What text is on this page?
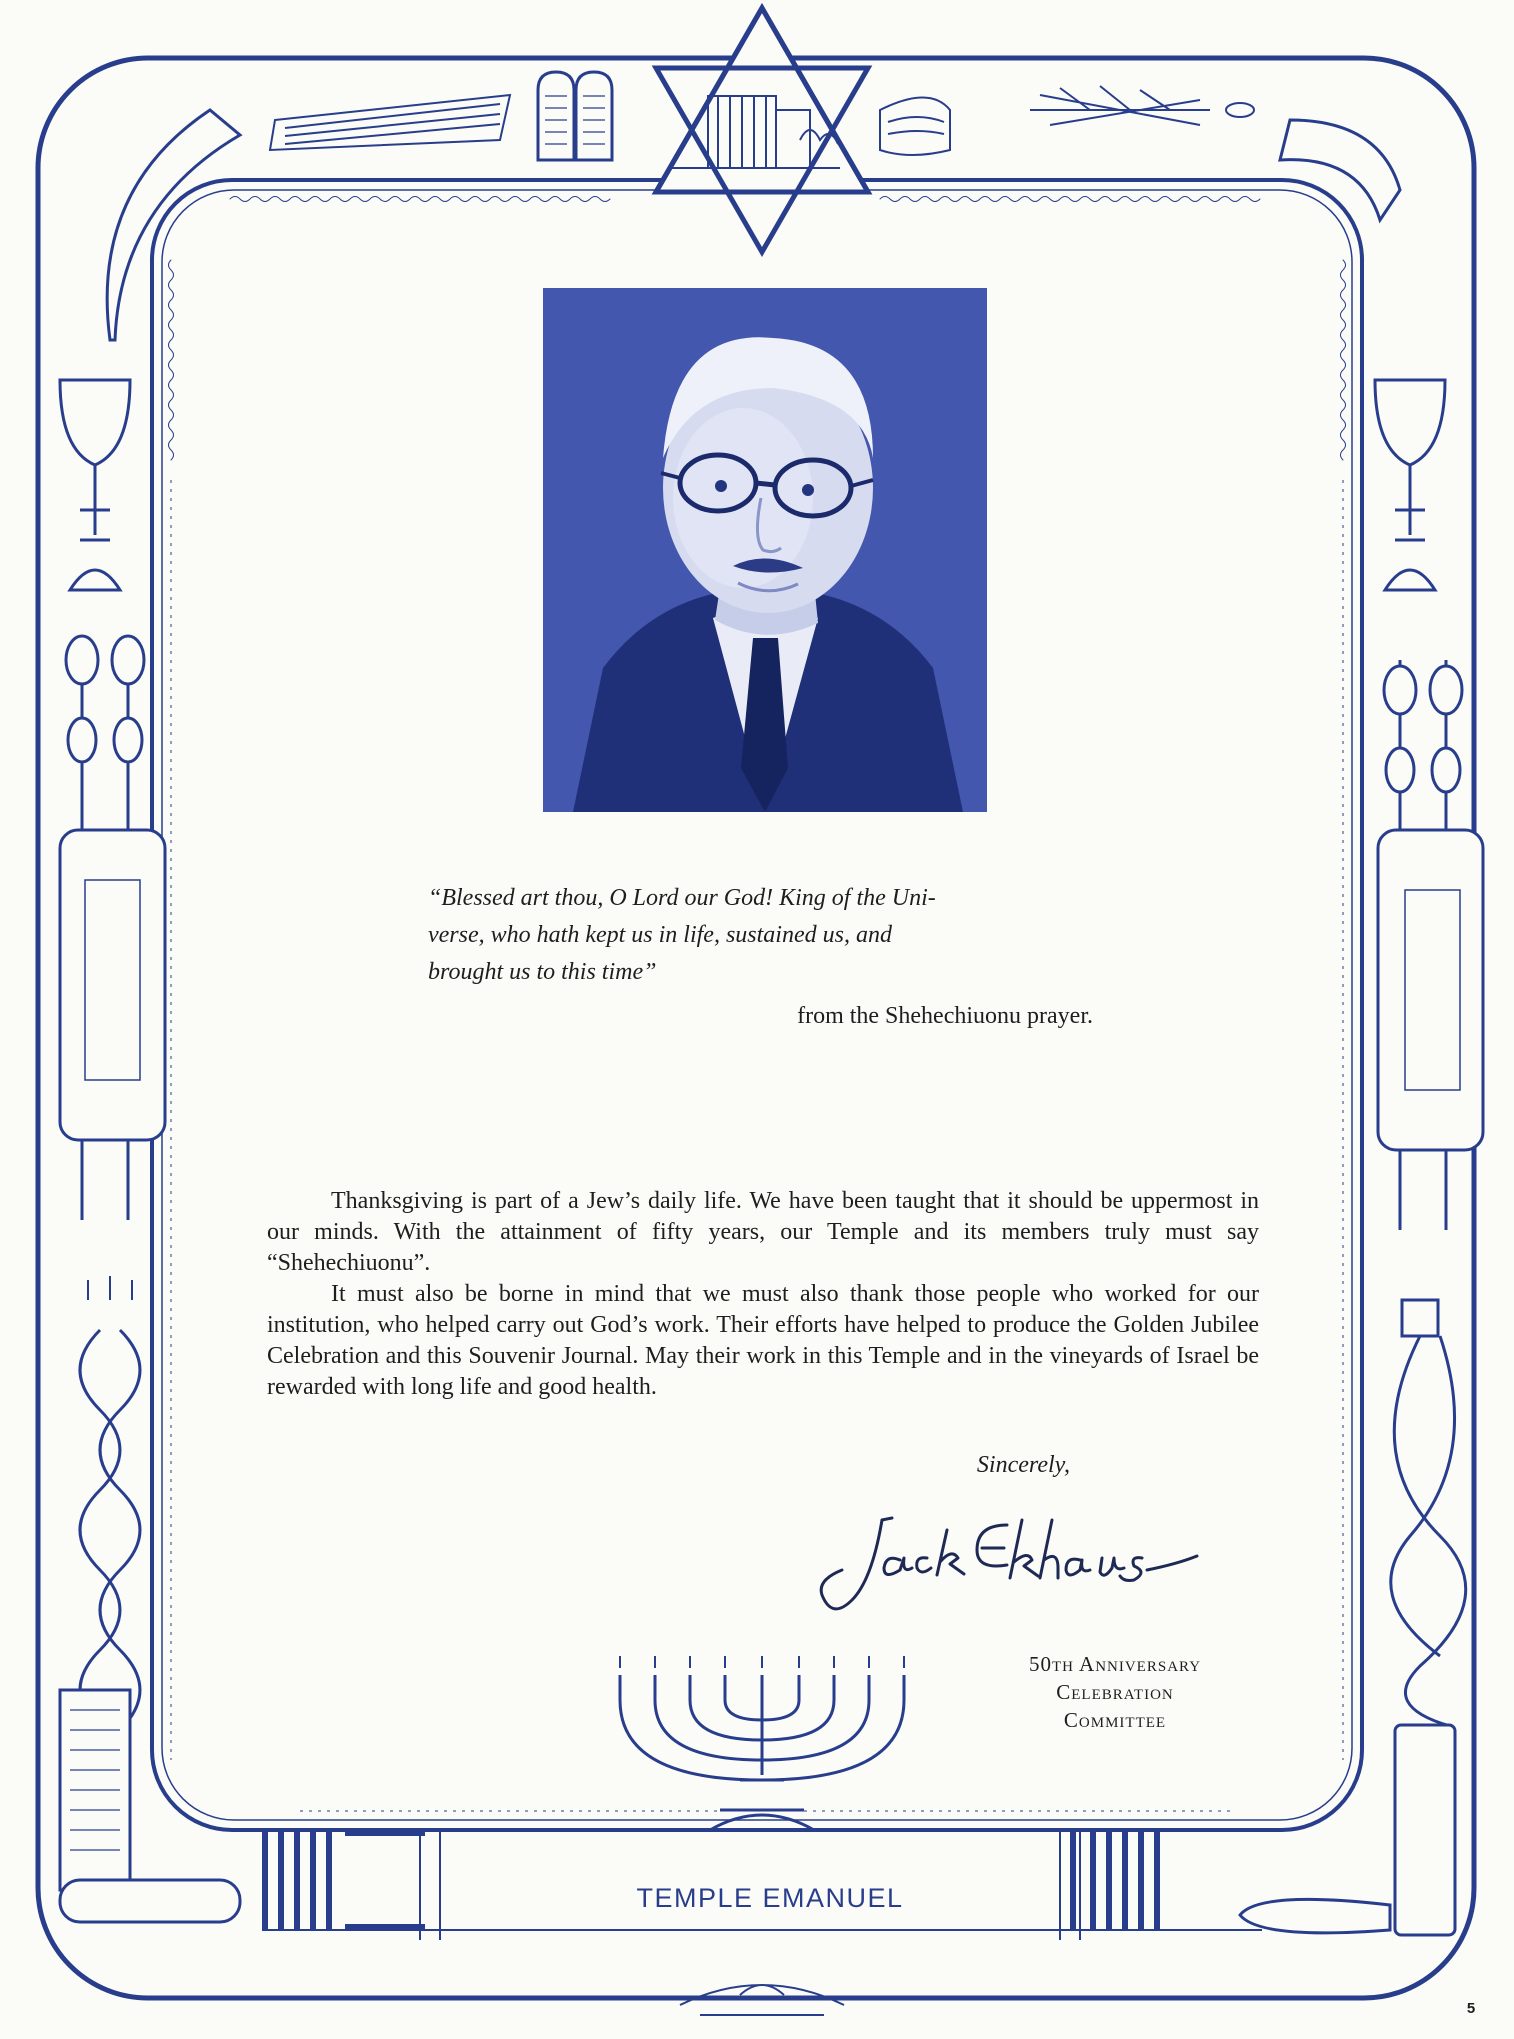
“Blessed art thou, O Lord our God! King of the Uni-

verse, who hath kept us in life, sustained us, and

brought us to this time”

from the Shehechiuonu prayer.

Thanksgiving is part of a Jew’s daily life. We have been taught that it should be uppermost in our minds. With the attainment of fifty years, our Temple and its members truly must say “Shehechiuonu”.

It must also be borne in mind that we must also thank those people who worked for our institution, who helped carry out God’s work. Their efforts have helped to produce the Golden Jubilee Celebration and this Souvenir Journal. May their work in this Temple and in the vineyards of Israel be rewarded with long life and good health.

Sincerely,
50th Anniversary
Celebration
Committee
TEMPLE EMANUEL
5
